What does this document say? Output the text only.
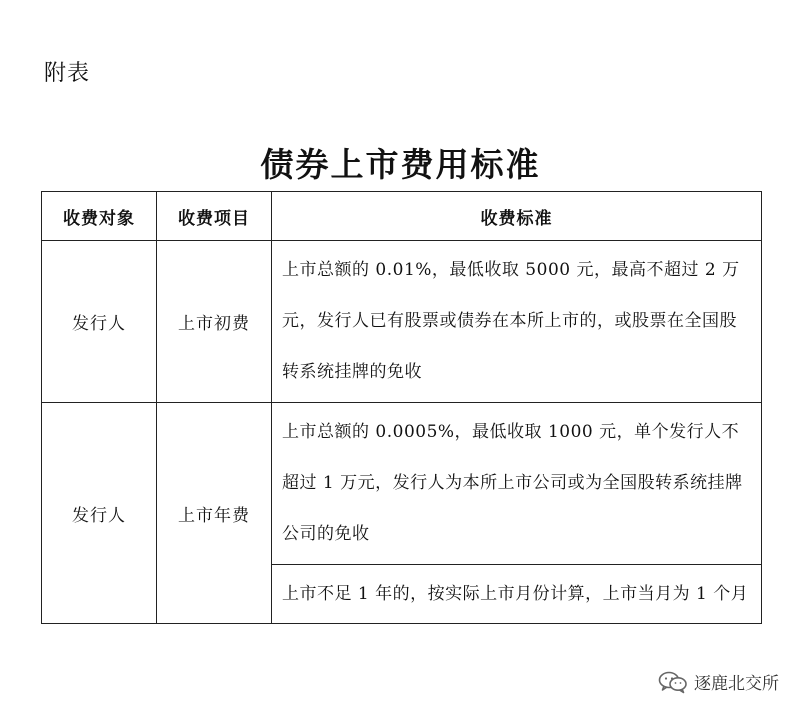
附表
债券上市费用标准
收费对象	收费项目	收费标准
发行人	上市初费	上市总额的 0.01%，最低收取 5000 元，最高不超过 2 万元，发行人已有股票或债券在本所上市的，或股票在全国股转系统挂牌的免收
发行人	上市年费	上市总额的 0.0005%，最低收取 1000 元，单个发行人不超过 1 万元，发行人为本所上市公司或为全国股转系统挂牌公司的免收
		上市不足 1 年的，按实际上市月份计算，上市当月为 1 个月
逐鹿北交所
